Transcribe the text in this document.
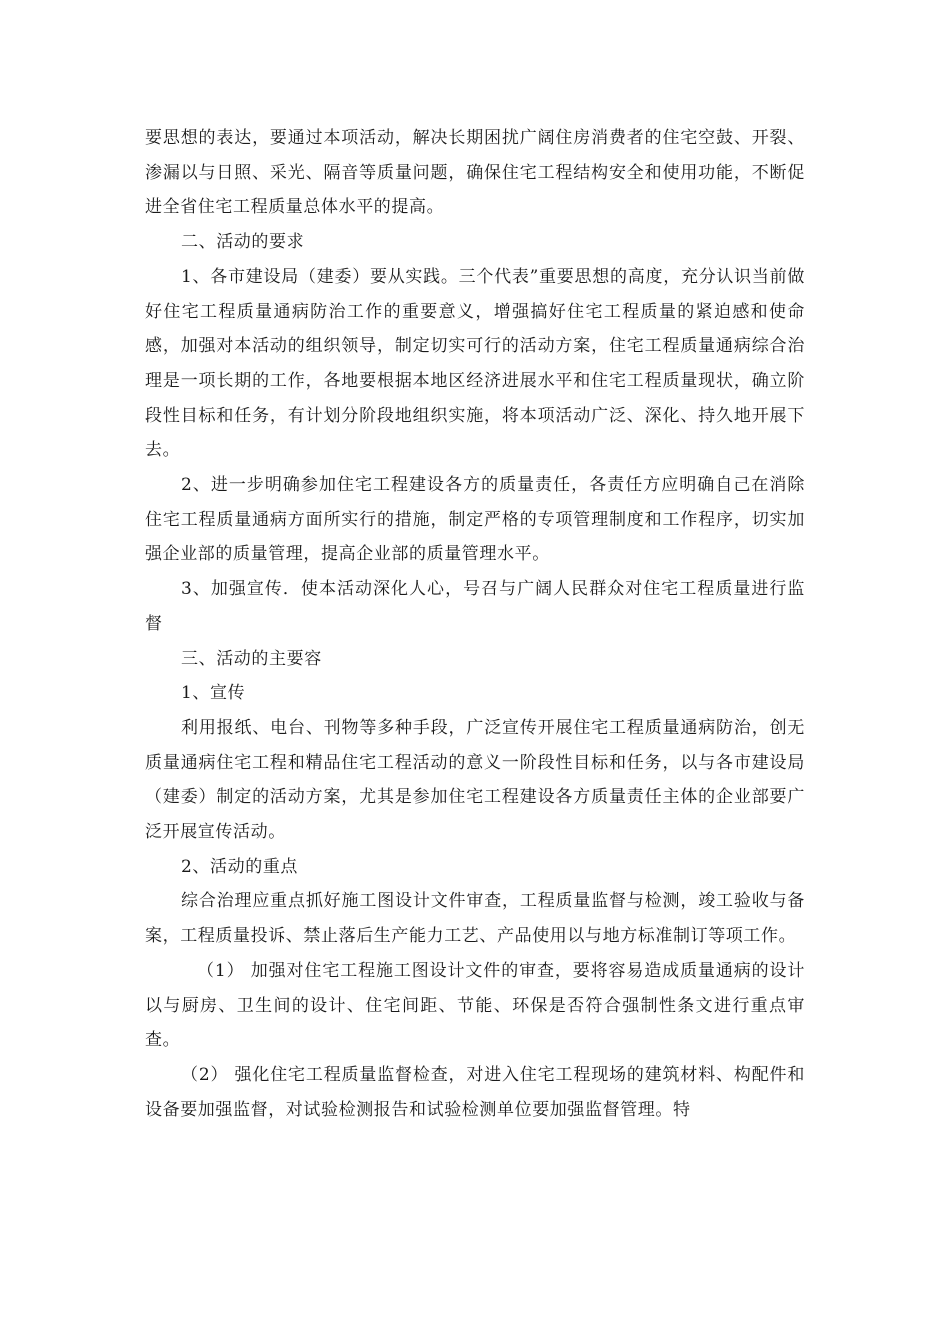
要思想的表达，要通过本项活动，解决长期困扰广阔住房消费者的住宅空鼓、开裂、渗漏以与日照、采光、隔音等质量问题，确保住宅工程结构安全和使用功能，不断促进全省住宅工程质量总体水平的提高。

二、活动的要求

1、各市建设局（建委）要从实践。三个代表”重要思想的高度，充分认识当前做好住宅工程质量通病防治工作的重要意义，增强搞好住宅工程质量的紧迫感和使命感，加强对本活动的组织领导，制定切实可行的活动方案，住宅工程质量通病综合治理是一项长期的工作，各地要根据本地区经济进展水平和住宅工程质量现状，确立阶段性目标和任务，有计划分阶段地组织实施，将本项活动广泛、深化、持久地开展下去。

2、进一步明确参加住宅工程建设各方的质量责任，各责任方应明确自己在消除住宅工程质量通病方面所实行的措施，制定严格的专项管理制度和工作程序，切实加强企业部的质量管理，提高企业部的质量管理水平。

3、加强宣传．使本活动深化人心，号召与广阔人民群众对住宅工程质量进行监督

三、活动的主要容

1、宣传

利用报纸、电台、刊物等多种手段，广泛宣传开展住宅工程质量通病防治，创无质量通病住宅工程和精品住宅工程活动的意义一阶段性目标和任务，以与各市建设局（建委）制定的活动方案，尤其是参加住宅工程建设各方质量责任主体的企业部要广泛开展宣传活动。

2、活动的重点

综合治理应重点抓好施工图设计文件审查，工程质量监督与检测，竣工验收与备案，工程质量投诉、禁止落后生产能力工艺、产品使用以与地方标准制订等项工作。

（1） 加强对住宅工程施工图设计文件的审查，要将容易造成质量通病的设计以与厨房、卫生间的设计、住宅间距、节能、环保是否符合强制性条文进行重点审查。

（2） 强化住宅工程质量监督检查，对进入住宅工程现场的建筑材料、构配件和设备要加强监督，对试验检测报告和试验检测单位要加强监督管理。特
